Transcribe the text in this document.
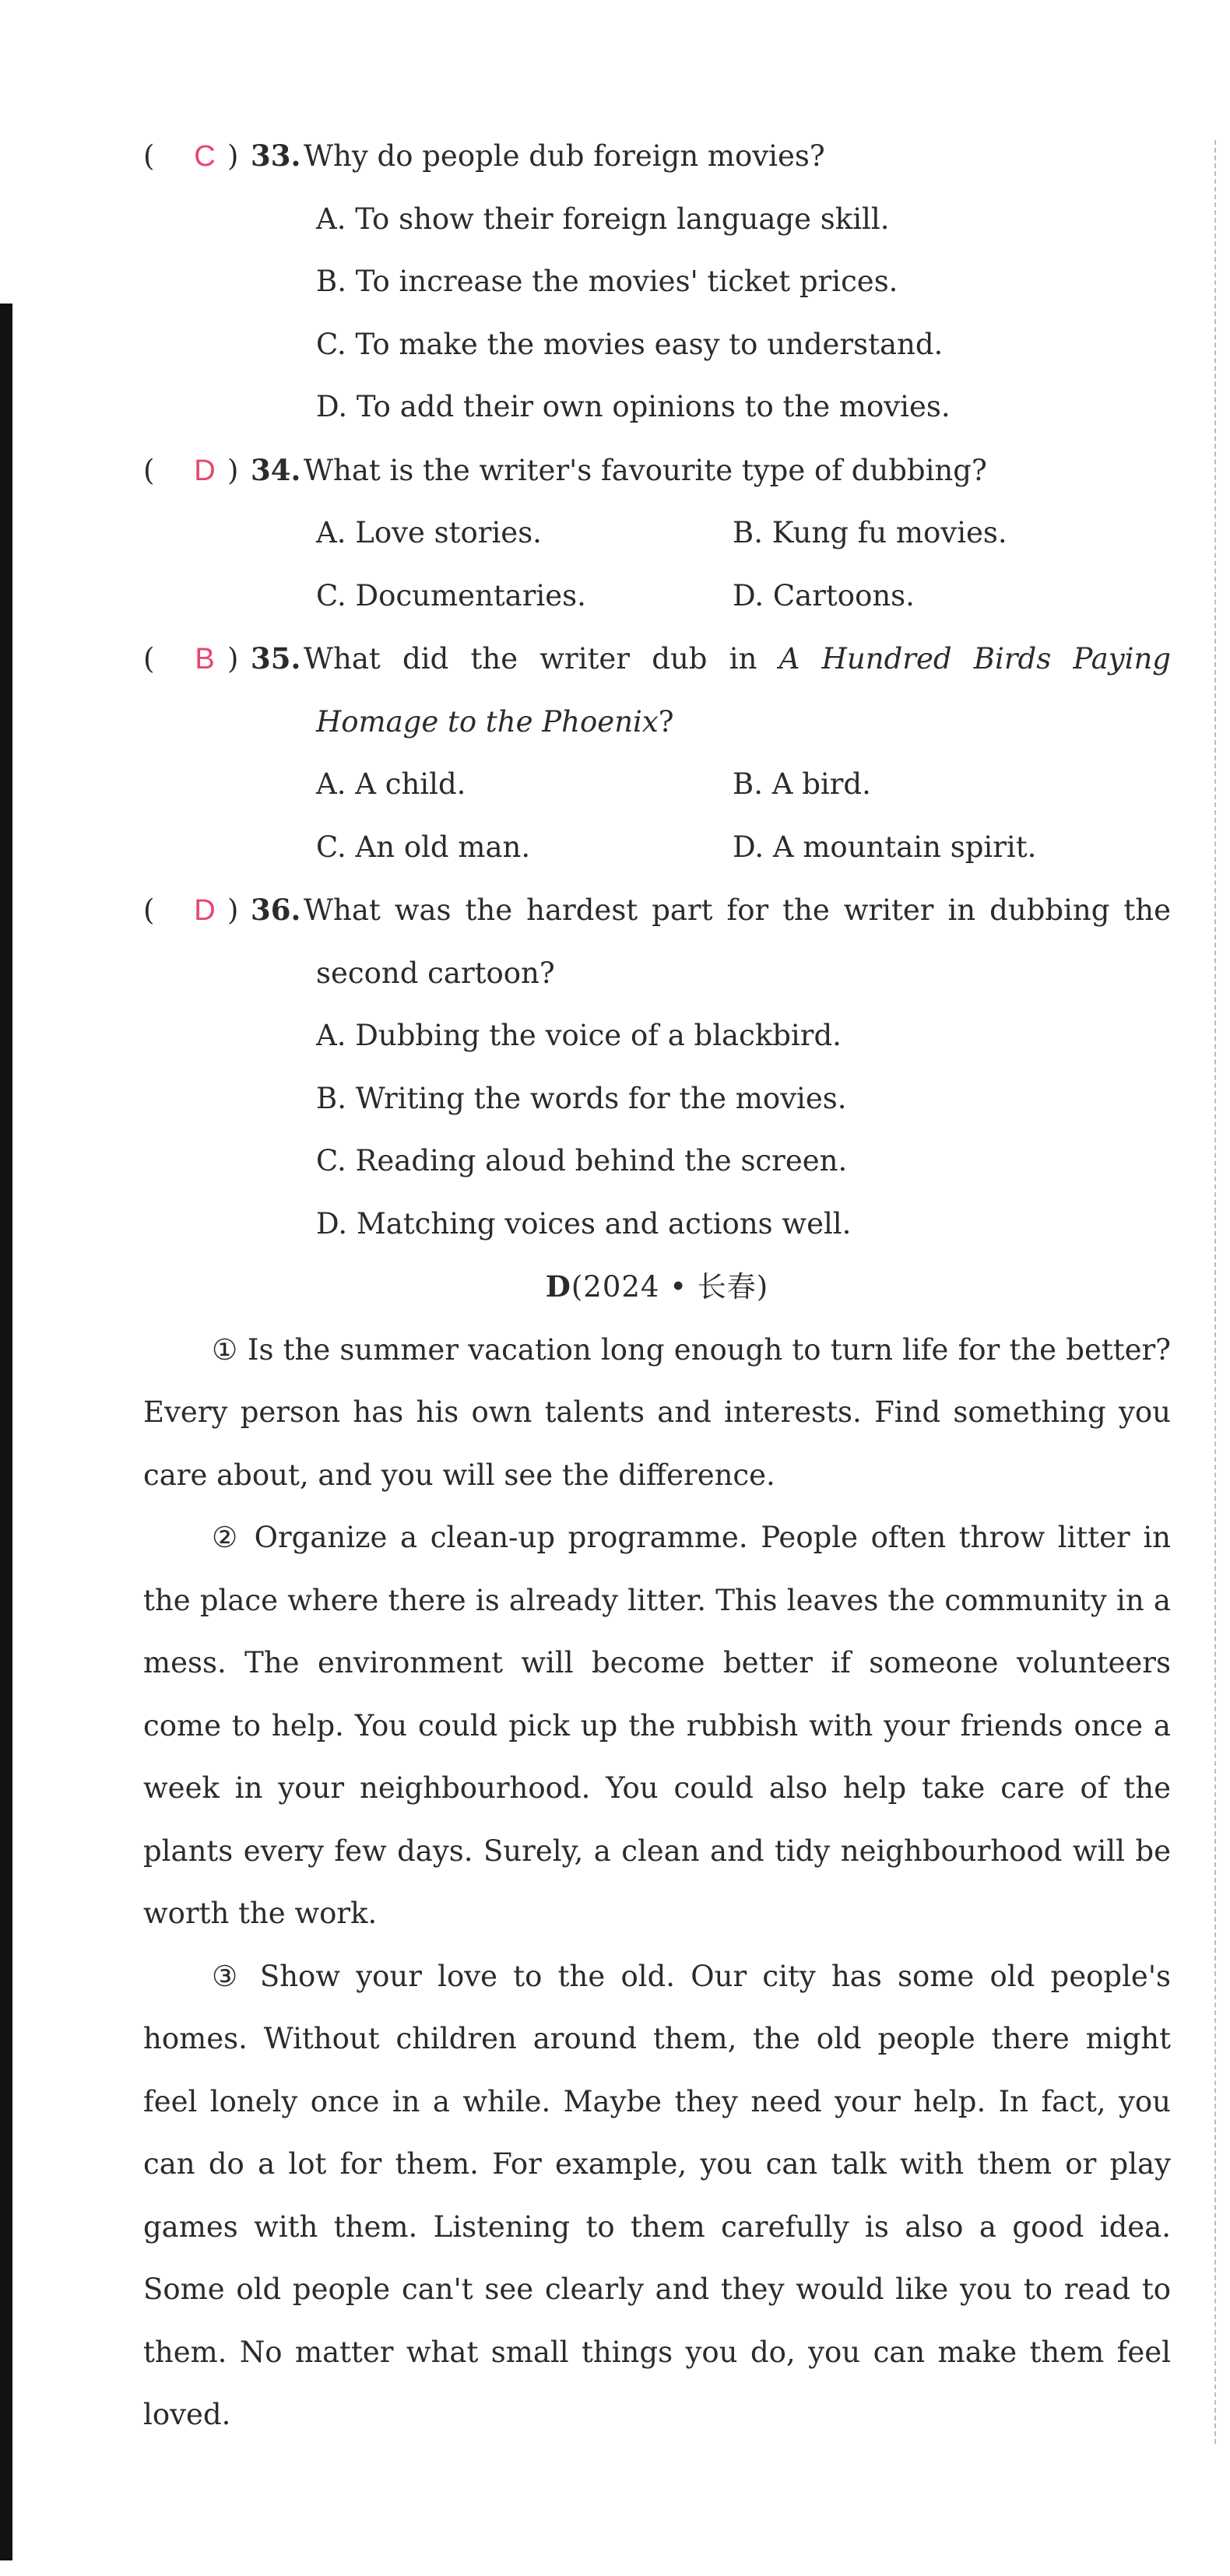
(	C ) 33. Why do people dub foreign movies?
A. To show their foreign language skill.
B. To increase the movies' ticket prices.
C. To make the movies easy to understand.
D. To add their own opinions to the movies.
(	D ) 34. What is the writer's favourite type of dubbing?
A. Love stories.	B. Kung fu movies.
C. Documentaries.	D. Cartoons.
(	B ) 35. What did the writer dub in A Hundred Birds Paying
Homage to the Phoenix?
A. A child.	B. A bird.
C. An old man.	D. A mountain spirit.
(	D ) 36. What was the hardest part for the writer in dubbing the
second cartoon?
A. Dubbing the voice of a blackbird.
B. Writing the words for the movies.
C. Reading aloud behind the screen.
D. Matching voices and actions well.
D(2024 • 长春)
① Is the summer vacation long enough to turn life for the better?
Every person has his own talents and interests. Find something you
care about, and you will see the difference.
② Organize a clean-up programme. People often throw litter in
the place where there is already litter. This leaves the community in a
mess. The environment will become better if someone volunteers
come to help. You could pick up the rubbish with your friends once a
week in your neighbourhood. You could also help take care of the
plants every few days. Surely, a clean and tidy neighbourhood will be
worth the work.
③ Show your love to the old. Our city has some old people's
homes. Without children around them, the old people there might
feel lonely once in a while. Maybe they need your help. In fact, you
can do a lot for them. For example, you can talk with them or play
games with them. Listening to them carefully is also a good idea.
Some old people can't see clearly and they would like you to read to
them. No matter what small things you do, you can make them feel
loved.
